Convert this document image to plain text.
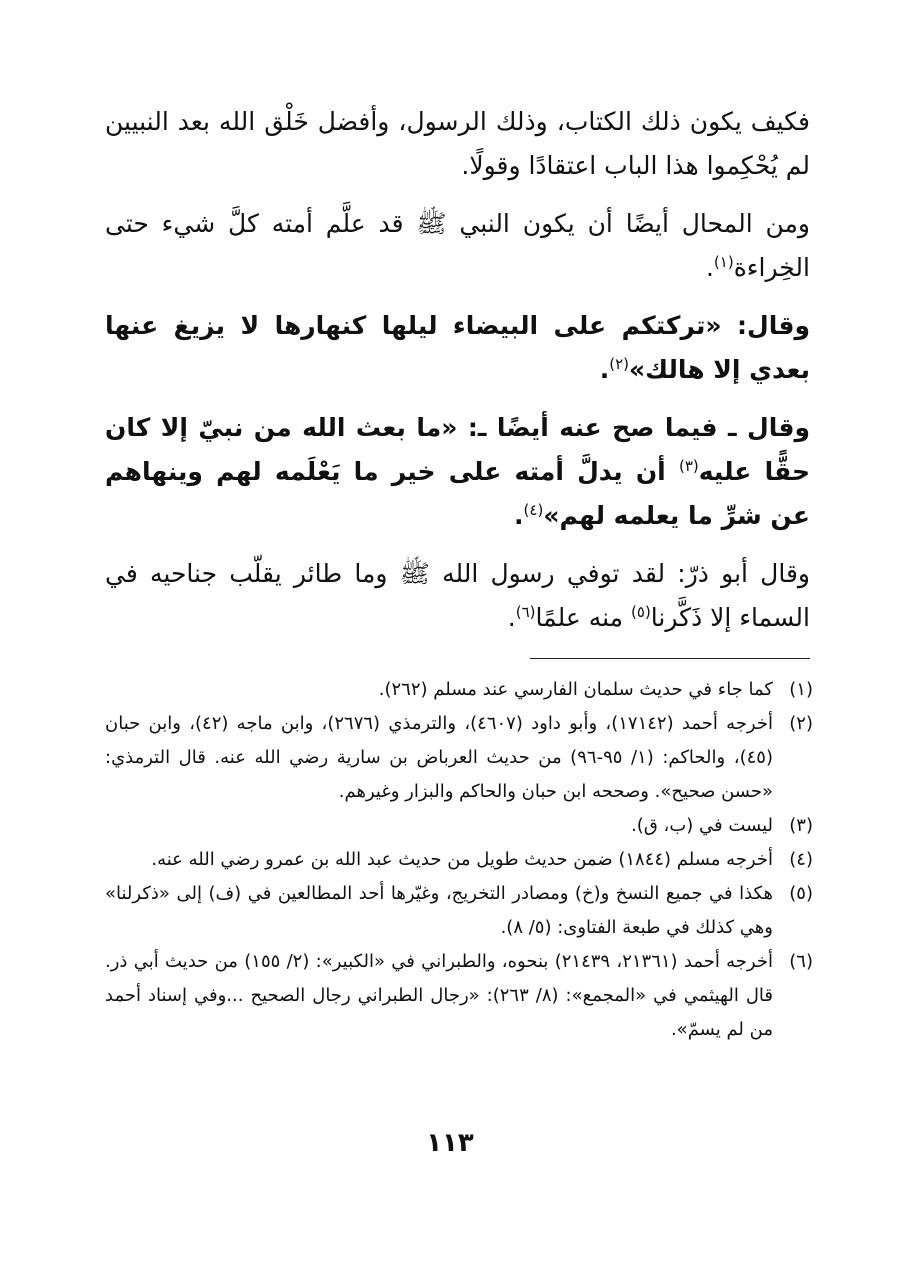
فكيف يكون ذلك الكتاب، وذلك الرسول، وأفضل خَلْق الله بعد النبيين لم يُحْكِموا هذا الباب اعتقادًا وقولًا.

ومن المحال أيضًا أن يكون النبي ﷺ قد علَّم أمته كلَّ شيء حتى الخِراءة$^{(١)}$.

وقال: «تركتكم على البيضاء ليلها كنهارها لا يزيغ عنها بعدي إلا هالك»$^{(٢)}$.

وقال ـ فيما صح عنه أيضًا ـ: «ما بعث الله من نبيّ إلا كان حقًّا عليه$^{(٣)}$ أن يدلَّ أمته على خير ما يَعْلَمه لهم وينهاهم عن شرِّ ما يعلمه لهم»$^{(٤)}$.

وقال أبو ذرّ: لقد توفي رسول الله ﷺ وما طائر يقلّب جناحيه في السماء إلا ذَكَّرنا$^{(٥)}$ منه علمًا$^{(٦)}$.

(١)
كما جاء في حديث سلمان الفارسي عند مسلم (٢٦٢).
(٢)
أخرجه أحمد (١٧١٤٢)، وأبو داود (٤٦٠٧)، والترمذي (٢٦٧٦)، وابن ماجه (٤٢)، وابن حبان (٤٥)، والحاكم: (١/ ٩٥-٩٦) من حديث العرباض بن سارية رضي الله عنه. قال الترمذي: «حسن صحيح». وصححه ابن حبان والحاكم والبزار وغيرهم.
(٣)
ليست في (ب، ق).
(٤)
أخرجه مسلم (١٨٤٤) ضمن حديث طويل من حديث عبد الله بن عمرو رضي الله عنه.
(٥)
هكذا في جميع النسخ و(خ) ومصادر التخريج، وغيّرها أحد المطالعين في (ف) إلى «ذكرلنا» وهي كذلك في طبعة الفتاوى: (٥/ ٨).
(٦)
أخرجه أحمد (٢١٣٦١، ٢١٤٣٩) بنحوه، والطبراني في «الكبير»: (٢/ ١٥٥) من حديث أبي ذر. قال الهيثمي في «المجمع»: (٨/ ٢٦٣): «رجال الطبراني رجال الصحيح ...وفي إسناد أحمد من لم يسمّ».
١١٣
